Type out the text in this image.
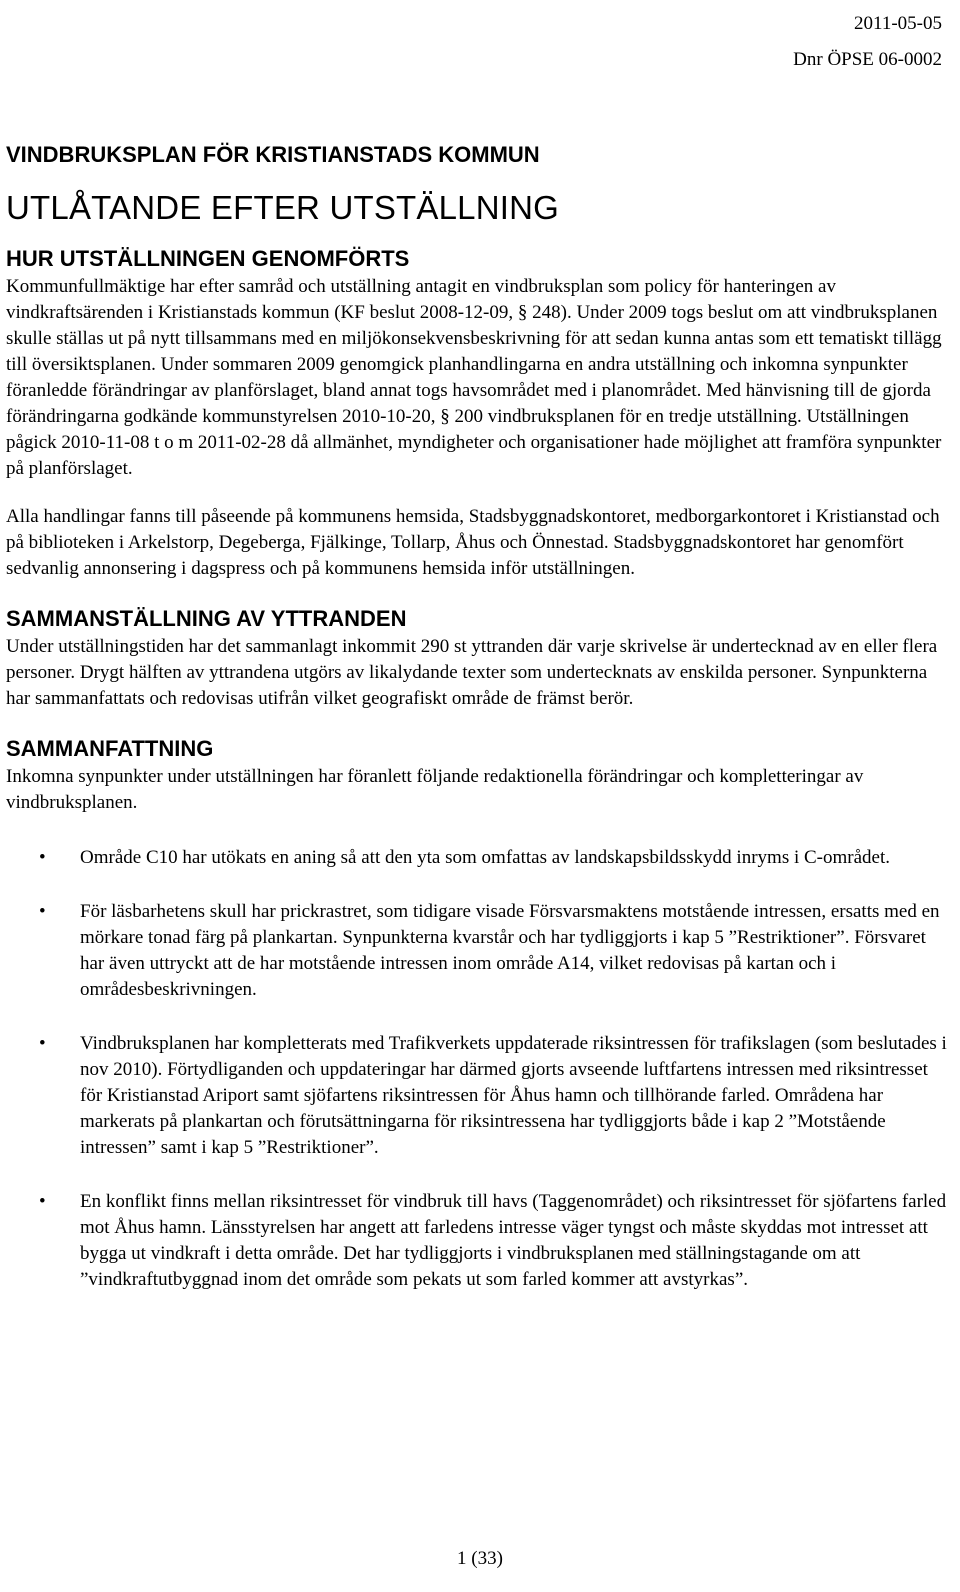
2011-05-05
Dnr ÖPSE 06-0002
VINDBRUKSPLAN FÖR KRISTIANSTADS KOMMUN
UTLÅTANDE EFTER UTSTÄLLNING
HUR UTSTÄLLNINGEN GENOMFÖRTS

Kommunfullmäktige har efter samråd och utställning antagit en vindbruksplan som policy för hanteringen av vindkraftsärenden i Kristianstads kommun (KF beslut 2008-12-09, § 248). Under 2009 togs beslut om att vindbruksplanen skulle ställas ut på nytt tillsammans med en miljökonsekvensbeskrivning för att sedan kunna antas som ett tematiskt tillägg till översiktsplanen. Under sommaren 2009 genomgick planhandlingarna en andra utställning och inkomna synpunkter föranledde förändringar av planförslaget, bland annat togs havsområdet med i planområdet. Med hänvisning till de gjorda förändringarna godkände kommunstyrelsen 2010-10-20, § 200 vindbruksplanen för en tredje utställning. Utställningen pågick 2010-11-08 t o m 2011-02-28 då allmänhet, myndigheter och organisationer hade möjlighet att framföra synpunkter på planförslaget.

Alla handlingar fanns till påseende på kommunens hemsida, Stadsbyggnadskontoret, medborgarkontoret i Kristianstad och på biblioteken i Arkelstorp, Degeberga, Fjälkinge, Tollarp, Åhus och Önnestad. Stadsbyggnadskontoret har genomfört sedvanlig annonsering i dagspress och på kommunens hemsida inför utställningen.

SAMMANSTÄLLNING AV YTTRANDEN

Under utställningstiden har det sammanlagt inkommit 290 st yttranden där varje skrivelse är undertecknad av en eller flera personer. Drygt hälften av yttrandena utgörs av likalydande texter som undertecknats av enskilda personer. Synpunkterna har sammanfattats och redovisas utifrån vilket geografiskt område de främst berör.

SAMMANFATTNING

Inkomna synpunkter under utställningen har föranlett följande redaktionella förändringar och kompletteringar av vindbruksplanen.

• Område C10 har utökats en aning så att den yta som omfattas av landskapsbildsskydd inryms i C-området.
• För läsbarhetens skull har prickrastret, som tidigare visade Försvarsmaktens motstående intressen, ersatts med en mörkare tonad färg på plankartan. Synpunkterna kvarstår och har tydliggjorts i kap 5 ”Restriktioner”. Försvaret har även uttryckt att de har motstående intressen inom område A14, vilket redovisas på kartan och i områdesbeskrivningen.
• Vindbruksplanen har kompletterats med Trafikverkets uppdaterade riksintressen för trafikslagen (som beslutades i nov 2010). Förtydliganden och uppdateringar har därmed gjorts avseende luftfartens intressen med riksintresset för Kristianstad Ariport samt sjöfartens riksintressen för Åhus hamn och tillhörande farled. Områdena har markerats på plankartan och förutsättningarna för riksintressena har tydliggjorts både i kap 2 ”Motstående intressen” samt i kap 5 ”Restriktioner”.
• En konflikt finns mellan riksintresset för vindbruk till havs (Taggenområdet) och riksintresset för sjöfartens farled mot Åhus hamn. Länsstyrelsen har angett att farledens intresse väger tyngst och måste skyddas mot intresset att bygga ut vindkraft i detta område. Det har tydliggjorts i vindbruksplanen med ställningstagande om att ”vindkraftutbyggnad inom det område som pekats ut som farled kommer att avstyrkas”.
1 (33)
